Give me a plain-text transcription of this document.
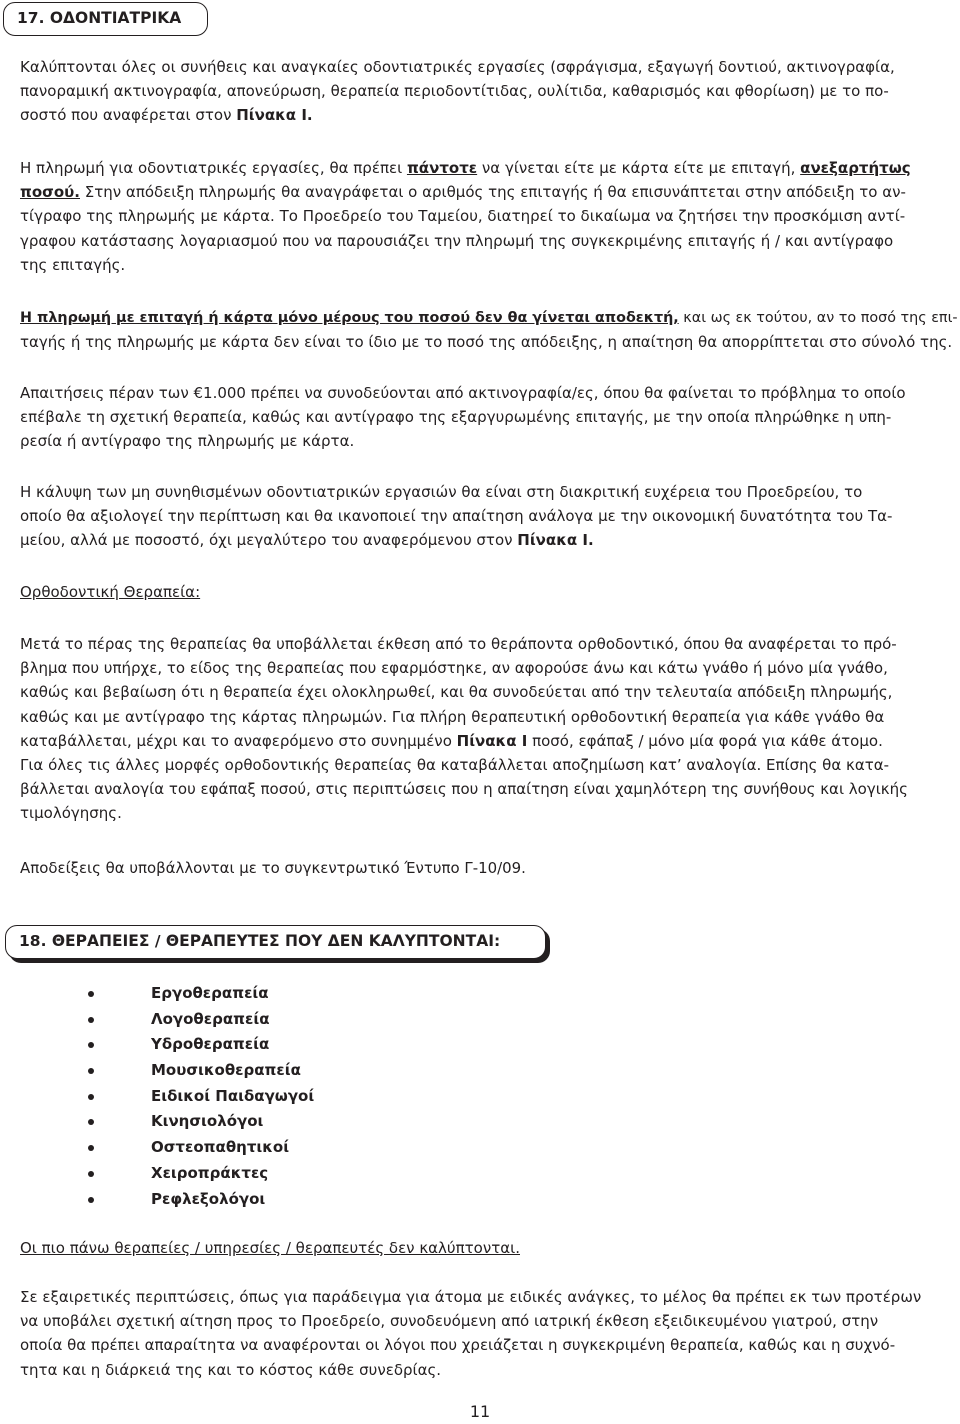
17. ΟΔΟΝΤΙΑΤΡΙΚΑ
Καλύπτονται όλες οι συνήθεις και αναγκαίες οδοντιατρικές εργασίες (σφράγισμα, εξαγωγή δοντιού, ακτινογραφία,
πανοραμική ακτινογραφία, απονεύρωση, θεραπεία περιοδοντίτιδας, ουλίτιδα, καθαρισμός και φθορίωση) με το πο-
σοστό που αναφέρεται στον Πίνακα Ι.
Η πληρωμή για οδοντιατρικές εργασίες, θα πρέπει πάντοτε να γίνεται είτε με κάρτα είτε με επιταγή, ανεξαρτήτως
ποσού. Στην απόδειξη πληρωμής θα αναγράφεται ο αριθμός της επιταγής ή θα επισυνάπτεται στην απόδειξη το αν-
τίγραφο της πληρωμής με κάρτα. Το Προεδρείο του Ταμείου, διατηρεί το δικαίωμα να ζητήσει την προσκόμιση αντί-
γραφου κατάστασης λογαριασμού που να παρουσιάζει την πληρωμή της συγκεκριμένης επιταγής ή / και αντίγραφο
της επιταγής.
Η πληρωμή με επιταγή ή κάρτα μόνο μέρους του ποσού δεν θα γίνεται αποδεκτή, και ως εκ τούτου, αν το ποσό της επι-
ταγής ή της πληρωμής με κάρτα δεν είναι το ίδιο με το ποσό της απόδειξης, η απαίτηση θα απορρίπτεται στο σύνολό της.
Απαιτήσεις πέραν των €1.000 πρέπει να συνοδεύονται από ακτινογραφία/ες, όπου θα φαίνεται το πρόβλημα το οποίο
επέβαλε τη σχετική θεραπεία, καθώς και αντίγραφο της εξαργυρωμένης επιταγής, με την οποία πληρώθηκε η υπη-
ρεσία ή αντίγραφο της πληρωμής με κάρτα.
Η κάλυψη των μη συνηθισμένων οδοντιατρικών εργασιών θα είναι στη διακριτική ευχέρεια του Προεδρείου, το
οποίο θα αξιολογεί την περίπτωση και θα ικανοποιεί την απαίτηση ανάλογα με την οικονομική δυνατότητα του Τα-
μείου, αλλά με ποσοστό, όχι μεγαλύτερο του αναφερόμενου στον Πίνακα Ι.
Ορθοδοντική Θεραπεία:
Μετά το πέρας της θεραπείας θα υποβάλλεται έκθεση από το θεράποντα ορθοδοντικό, όπου θα αναφέρεται το πρό-
βλημα που υπήρχε, το είδος της θεραπείας που εφαρμόστηκε, αν αφορούσε άνω και κάτω γνάθο ή μόνο μία γνάθο,
καθώς και βεβαίωση ότι η θεραπεία έχει ολοκληρωθεί, και θα συνοδεύεται από την τελευταία απόδειξη πληρωμής,
καθώς και με αντίγραφο της κάρτας πληρωμών. Για πλήρη θεραπευτική ορθοδοντική θεραπεία για κάθε γνάθο θα
καταβάλλεται, μέχρι και το αναφερόμενο στο συνημμένο Πίνακα Ι ποσό, εφάπαξ / μόνο μία φορά για κάθε άτομο.
Για όλες τις άλλες μορφές ορθοδοντικής θεραπείας θα καταβάλλεται αποζημίωση κατ’ αναλογία. Επίσης θα κατα-
βάλλεται αναλογία του εφάπαξ ποσού, στις περιπτώσεις που η απαίτηση είναι χαμηλότερη της συνήθους και λογικής
τιμολόγησης.
Αποδείξεις θα υποβάλλονται με το συγκεντρωτικό Έντυπο Γ-10/09.
18. ΘΕΡΑΠΕΙΕΣ / ΘΕΡΑΠΕΥΤΕΣ ΠΟΥ ΔΕΝ ΚΑΛΥΠΤΟΝΤΑΙ:
Εργοθεραπεία
Λογοθεραπεία
Υδροθεραπεία
Μουσικοθεραπεία
Ειδικοί Παιδαγωγοί
Κινησιολόγοι
Οστεοπαθητικοί
Χειροπράκτες
Ρεφλεξολόγοι
Οι πιο πάνω θεραπείες / υπηρεσίες / θεραπευτές δεν καλύπτονται.
Σε εξαιρετικές περιπτώσεις, όπως για παράδειγμα για άτομα με ειδικές ανάγκες, το μέλος θα πρέπει εκ των προτέρων
να υποβάλει σχετική αίτηση προς το Προεδρείο, συνοδευόμενη από ιατρική έκθεση εξειδικευμένου γιατρού, στην
οποία θα πρέπει απαραίτητα να αναφέρονται οι λόγοι που χρειάζεται η συγκεκριμένη θεραπεία, καθώς και η συχνό-
τητα και η διάρκειά της και το κόστος κάθε συνεδρίας.
11
